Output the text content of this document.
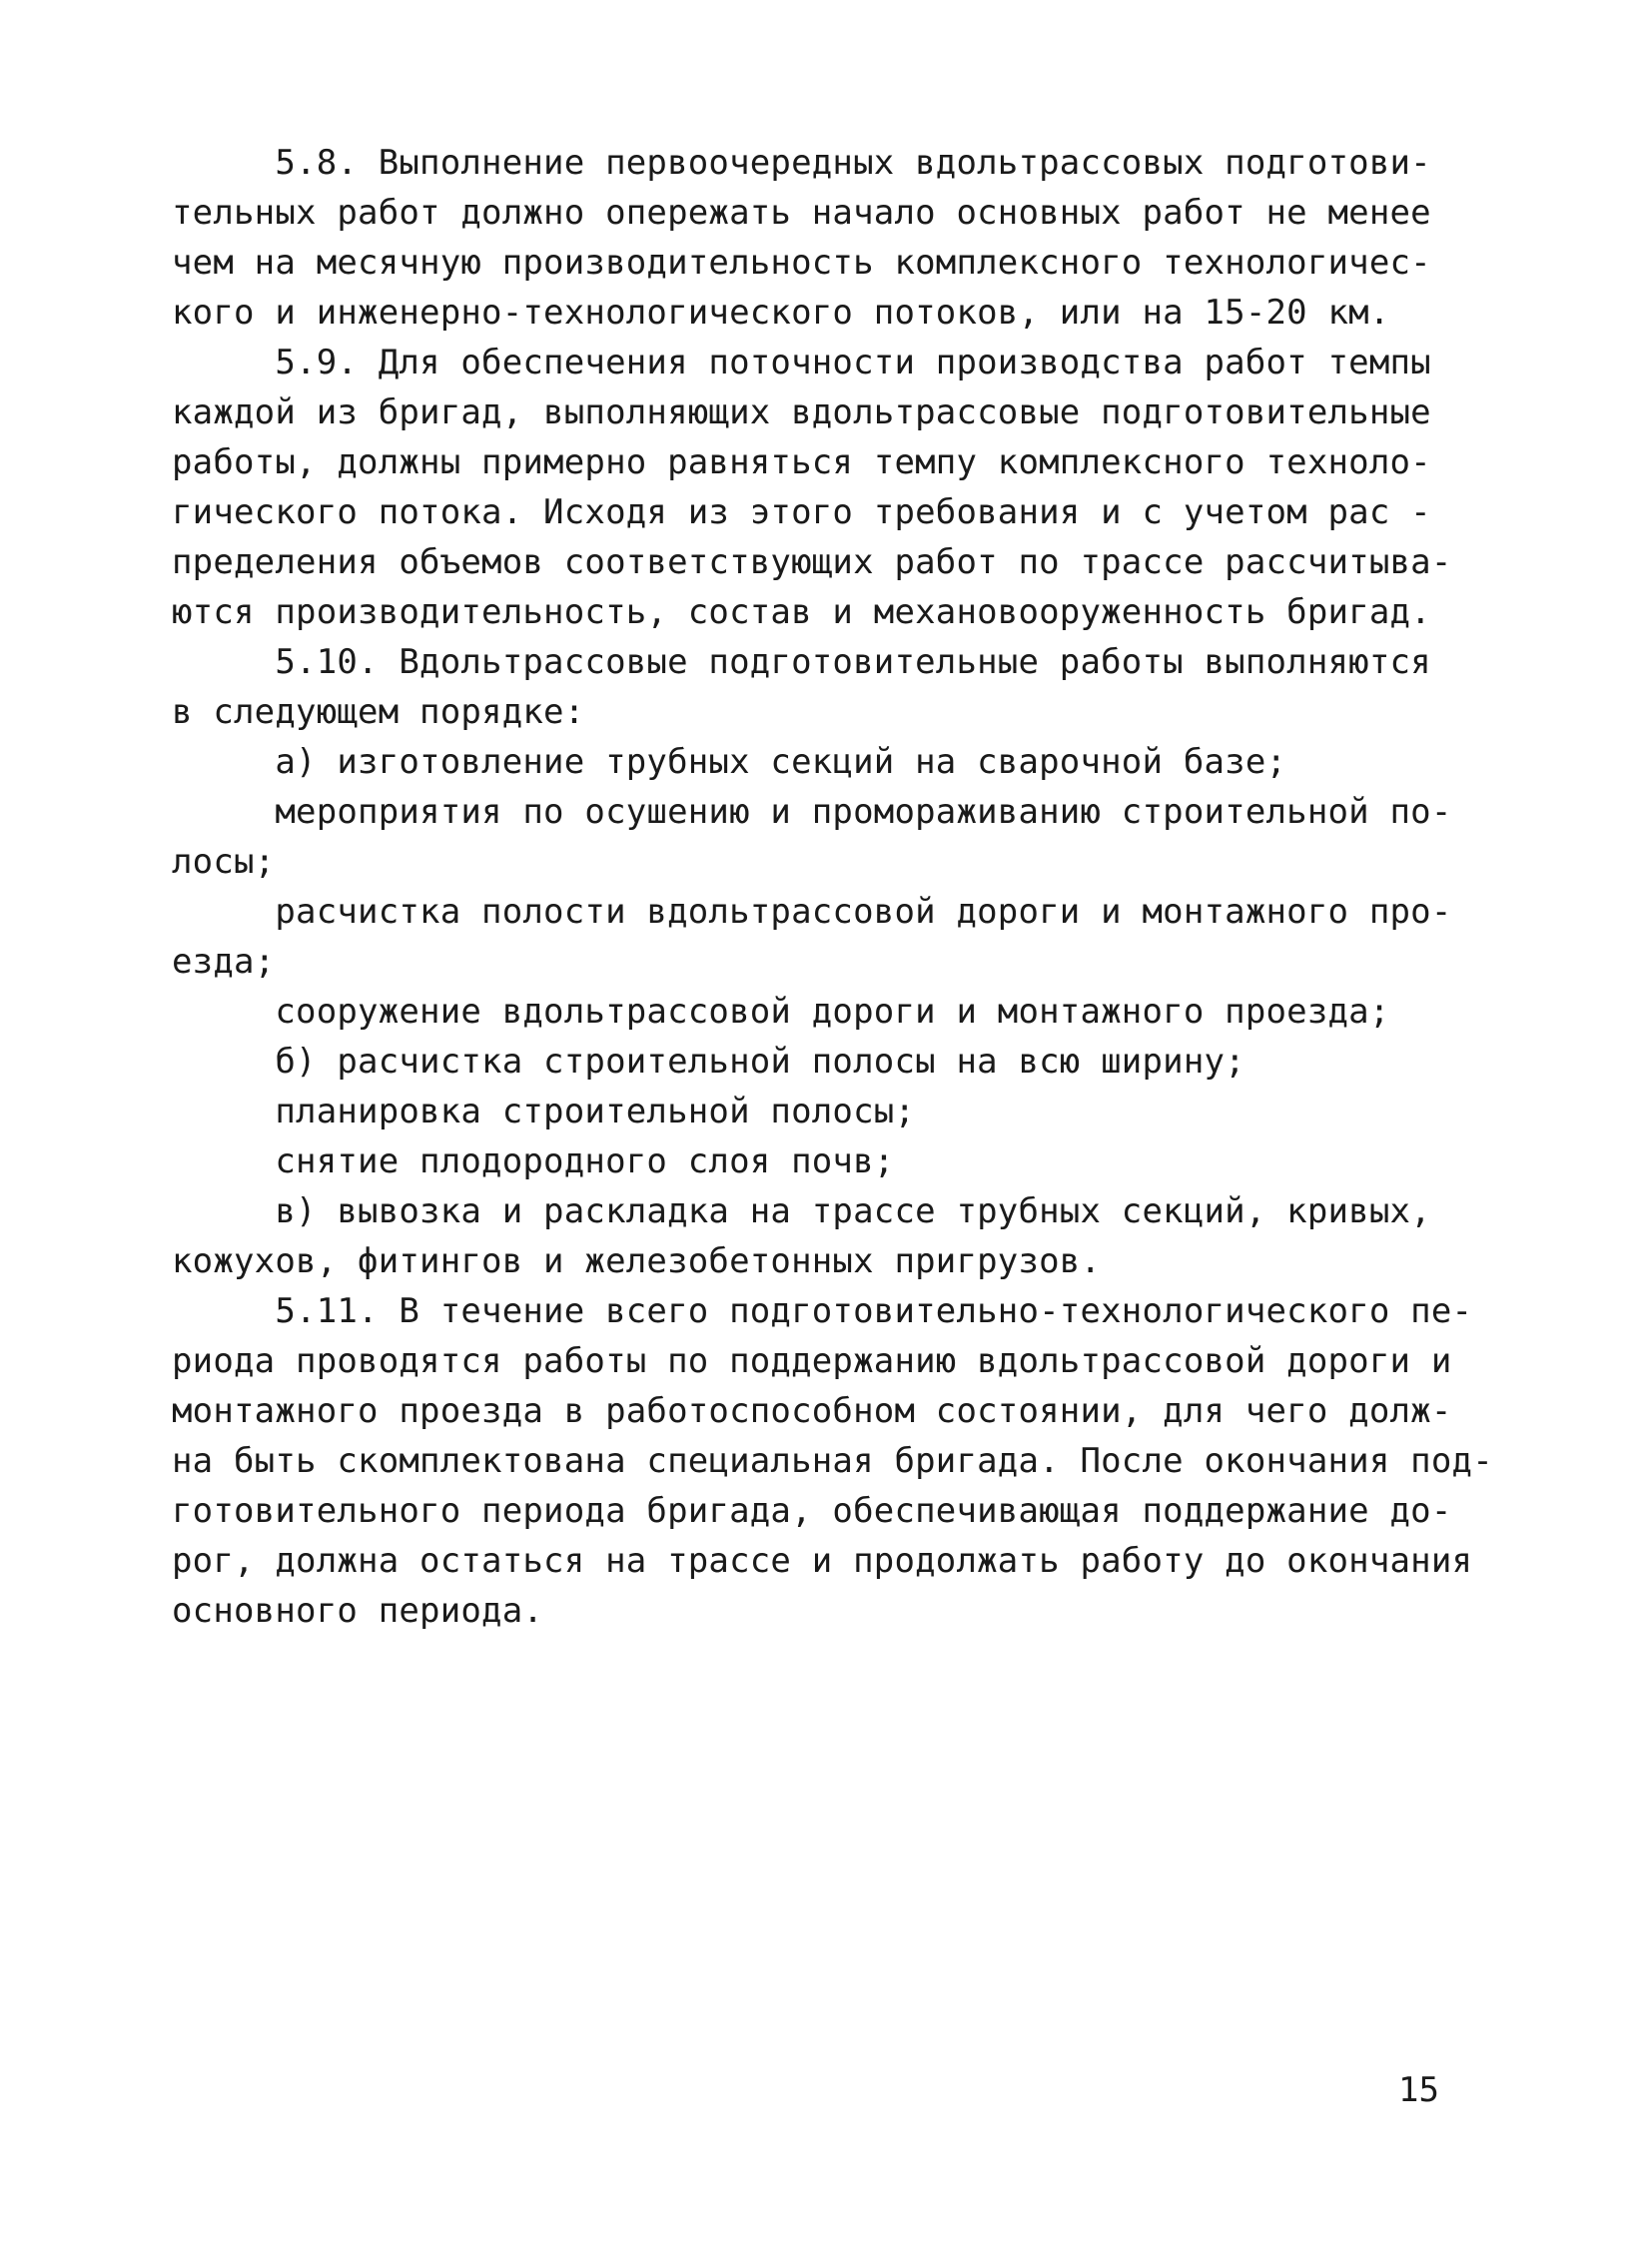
5.8. Выполнение первоочередных вдольтрассовых подготови-
тельных работ должно опережать начало основных работ не менее
чем на месячную производительность комплексного технологичес-
кого и инженерно-технологического потоков, или на 15-20 км.
5.9. Для обеспечения поточности производства работ темпы
каждой из бригад, выполняющих вдольтрассовые подготовительные
работы, должны примерно равняться темпу комплексного техноло-
гического потока. Исходя из этого требования и с учетом рас -
пределения объемов соответствующих работ по трассе рассчитыва-
ются производительность, состав и механовооруженность бригад.
5.10. Вдольтрассовые подготовительные работы выполняются
в следующем порядке:
а) изготовление трубных секций на сварочной базе;
мероприятия по осушению и промораживанию строительной по-
лосы;
расчистка полости вдольтрассовой дороги и монтажного про-
езда;
сооружение вдольтрассовой дороги и монтажного проезда;
б) расчистка строительной полосы на всю ширину;
планировка строительной полосы;
снятие плодородного слоя почв;
в) вывозка и раскладка на трассе трубных секций, кривых,
кожухов, фитингов и железобетонных пригрузов.
5.11. В течение всего подготовительно-технологического пе-
риода проводятся работы по поддержанию вдольтрассовой дороги и
монтажного проезда в работоспособном состоянии, для чего долж-
на быть скомплектована специальная бригада. После окончания под-
готовительного периода бригада, обеспечивающая поддержание до-
рог, должна остаться на трассе и продолжать работу до окончания
основного периода.
15
